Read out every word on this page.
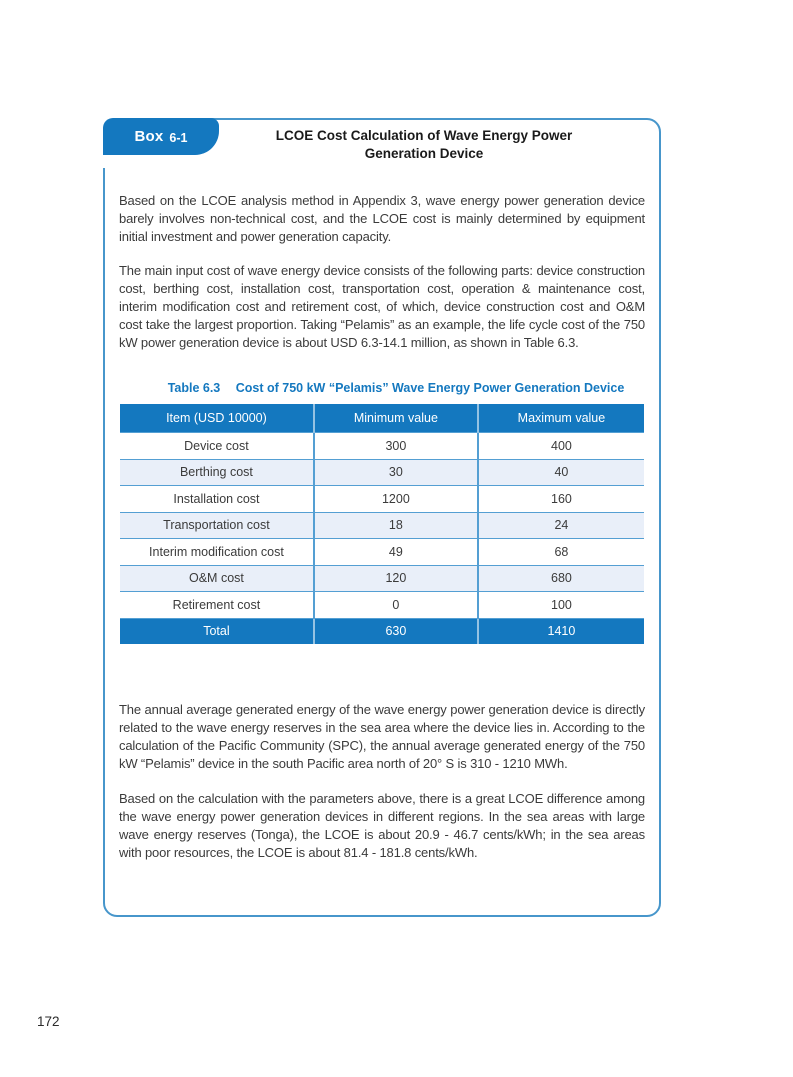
Box 6-1	LCOE Cost Calculation of Wave Energy Power
Generation Device

Based on the LCOE analysis method in Appendix 3, wave energy power generation device barely involves non-technical cost, and the LCOE cost is mainly determined by equipment initial investment and power generation capacity.

The main input cost of wave energy device consists of the following parts: device construction cost, berthing cost, installation cost, transportation cost, operation & maintenance cost, interim modification cost and retirement cost, of which, device construction cost and O&M cost take the largest proportion. Taking “Pelamis” as an example, the life cycle cost of the 750 kW power generation device is about USD 6.3-14.1 million, as shown in Table 6.3.

Table 6.3 Cost of 750 kW “Pelamis” Wave Energy Power Generation Device
Item (USD 10000)	Minimum value	Maximum value
Device cost	300	400
Berthing cost	30	40
Installation cost	1200	160
Transportation cost	18	24
Interim modification cost	49	68
O&M cost	120	680
Retirement cost	0	100
Total	630	1410

The annual average generated energy of the wave energy power generation device is directly related to the wave energy reserves in the sea area where the device lies in. According to the calculation of the Pacific Community (SPC), the annual average generated energy of the 750 kW “Pelamis” device in the south Pacific area north of 20° S is 310 - 1210 MWh.

Based on the calculation with the parameters above, there is a great LCOE difference among the wave energy power generation devices in different regions. In the sea areas with large wave energy reserves (Tonga), the LCOE is about 20.9 - 46.7 cents/kWh; in the sea areas with poor resources, the LCOE is about 81.4 - 181.8 cents/kWh.

172
